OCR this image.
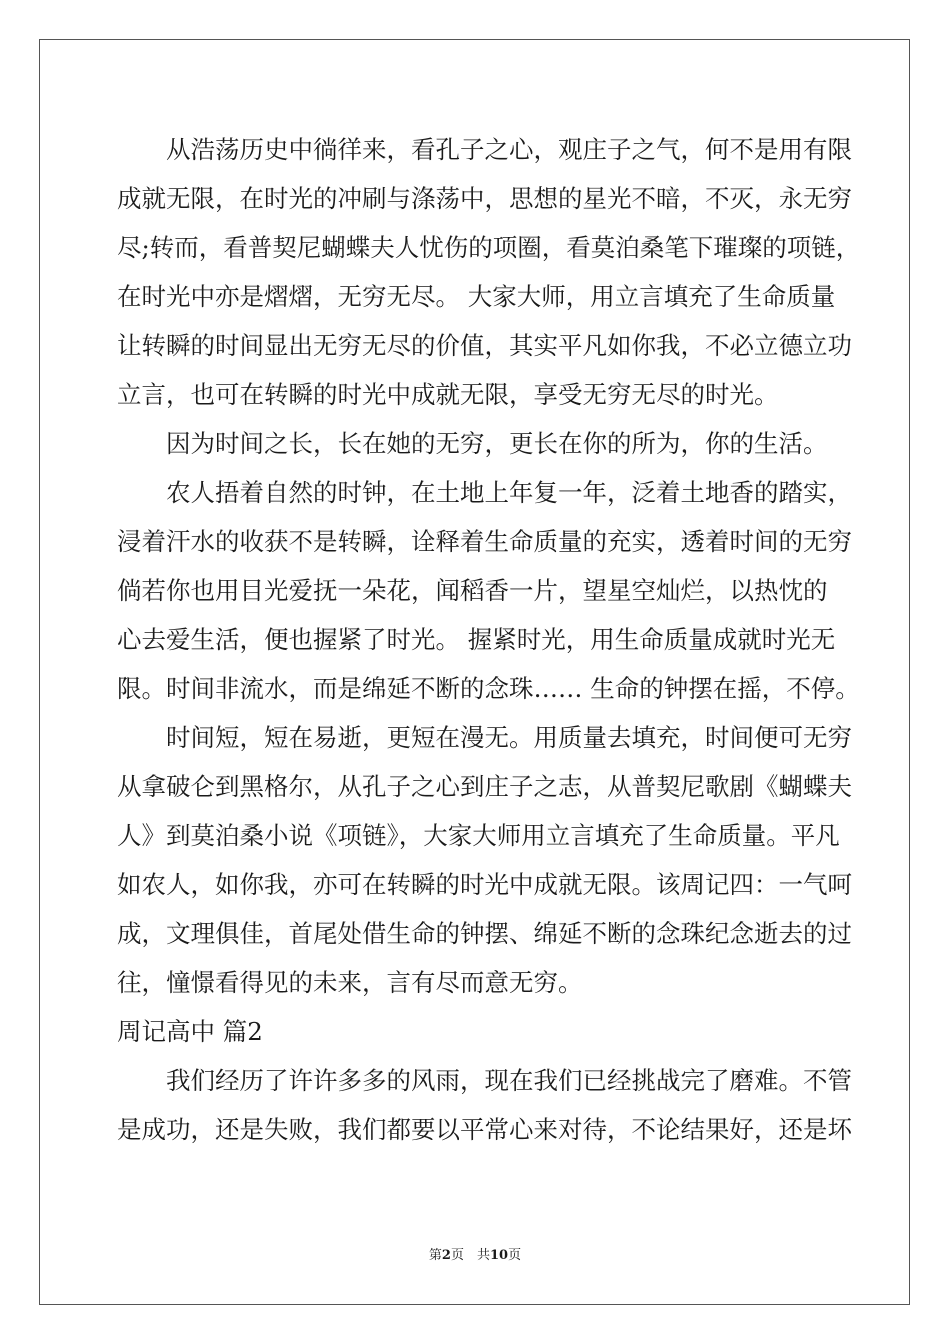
　　从浩荡历史中徜徉来，看孔子之心，观庄子之气，何不是用有限

成就无限，在时光的冲刷与涤荡中，思想的星光不暗，不灭，永无穷

尽;转而，看普契尼蝴蝶夫人忧伤的项圈，看莫泊桑笔下璀璨的项链，

在时光中亦是熠熠，无穷无尽。 大家大师，用立言填充了生命质量

让转瞬的时间显出无穷无尽的价值，其实平凡如你我，不必立德立功

立言，也可在转瞬的时光中成就无限，享受无穷无尽的时光。

　　因为时间之长，长在她的无穷，更长在你的所为，你的生活。

　　农人捂着自然的时钟，在土地上年复一年，泛着土地香的踏实，

浸着汗水的收获不是转瞬，诠释着生命质量的充实，透着时间的无穷

倘若你也用目光爱抚一朵花，闻稻香一片，望星空灿烂，以热忱的

心去爱生活，便也握紧了时光。 握紧时光，用生命质量成就时光无

限。时间非流水，而是绵延不断的念珠…… 生命的钟摆在摇，不停。

　　时间短，短在易逝，更短在漫无。用质量去填充，时间便可无穷

从拿破仑到黑格尔，从孔子之心到庄子之志，从普契尼歌剧《蝴蝶夫

人》到莫泊桑小说《项链》，大家大师用立言填充了生命质量。平凡

如农人，如你我，亦可在转瞬的时光中成就无限。该周记四：一气呵

成，文理俱佳，首尾处借生命的钟摆、绵延不断的念珠纪念逝去的过

往，憧憬看得见的未来，言有尽而意无穷。

周记高中 篇2

　　我们经历了许许多多的风雨，现在我们已经挑战完了磨难。不管

是成功，还是失败，我们都要以平常心来对待，不论结果好，还是坏

第2页　共10页
